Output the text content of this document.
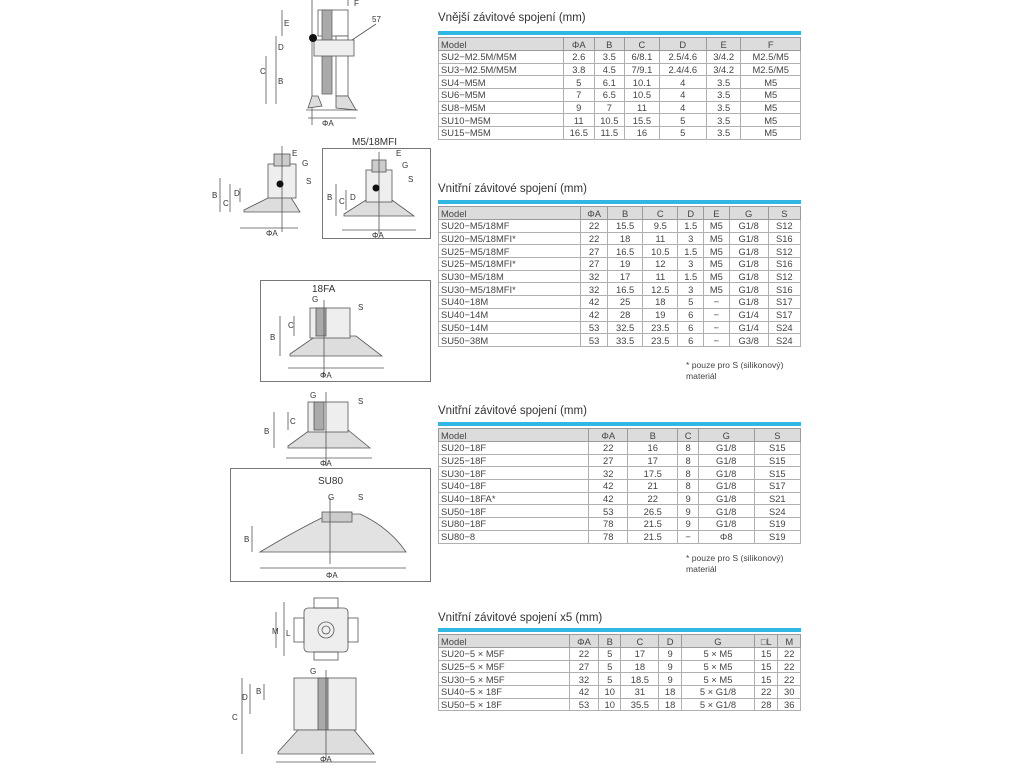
F
57
E
D
C
B
ΦA
E
G
S
D
C
B
ΦA
M5/18MFI
E
G
S
D
C
B
ΦA
18FA
G
S
C
B
ΦA
G
S
C
B
ΦA
SU80
G	S
B
ΦA
M L
G
D
B
C
ΦA
Vnější závitové spojení (mm)
Model	ΦA	B	C	D	E	F
SU2−M2.5M/M5M	2.6	3.5	6/8.1	2.5/4.6	3/4.2	M2.5/M5
SU3−M2.5M/M5M	3.8	4.5	7/9.1	2.4/4.6	3/4.2	M2.5/M5
SU4−M5M	5	6.1	10.1	4	3.5	M5
SU6−M5M	7	6.5	10.5	4	3.5	M5
SU8−M5M	9	7	11	4	3.5	M5
SU10−M5M	11	10.5	15.5	5	3.5	M5
SU15−M5M	16.5	11.5	16	5	3.5	M5
Vnitřní závitové spojení (mm)
Model	ΦA	B	C	D	E	G	S
SU20−M5/18MF	22	15.5	9.5	1.5	M5	G1/8	S12
SU20−M5/18MFI*	22	18	11	3	M5	G1/8	S16
SU25−M5/18MF	27	16.5	10.5	1.5	M5	G1/8	S12
SU25−M5/18MFI*	27	19	12	3	M5	G1/8	S16
SU30−M5/18M	32	17	11	1.5	M5	G1/8	S12
SU30−M5/18MFI*	32	16.5	12.5	3	M5	G1/8	S16
SU40−18M	42	25	18	5	−	G1/8	S17
SU40−14M	42	28	19	6	−	G1/4	S17
SU50−14M	53	32.5	23.5	6	−	G1/4	S24
SU50−38M	53	33.5	23.5	6	−	G3/8	S24
* pouze pro S (silikonový) materiál
Vnitřní závitové spojení (mm)
Model	ΦA	B	C	G	S
SU20−18F	22	16	8	G1/8	S15
SU25−18F	27	17	8	G1/8	S15
SU30−18F	32	17.5	8	G1/8	S15
SU40−18F	42	21	8	G1/8	S17
SU40−18FA*	42	22	9	G1/8	S21
SU50−18F	53	26.5	9	G1/8	S24
SU80−18F	78	21.5	9	G1/8	S19
SU80−8	78	21.5	−	Φ8	S19
* pouze pro S (silikonový) materiál
Vnitřní závitové spojení x5 (mm)
Model	ΦA	B	C	D	G	□L	M
SU20−5 × M5F	22	5	17	9	5 × M5	15	22
SU25−5 × M5F	27	5	18	9	5 × M5	15	22
SU30−5 × M5F	32	5	18.5	9	5 × M5	15	22
SU40−5 × 18F	42	10	31	18	5 × G1/8	22	30
SU50−5 × 18F	53	10	35.5	18	5 × G1/8	28	36
